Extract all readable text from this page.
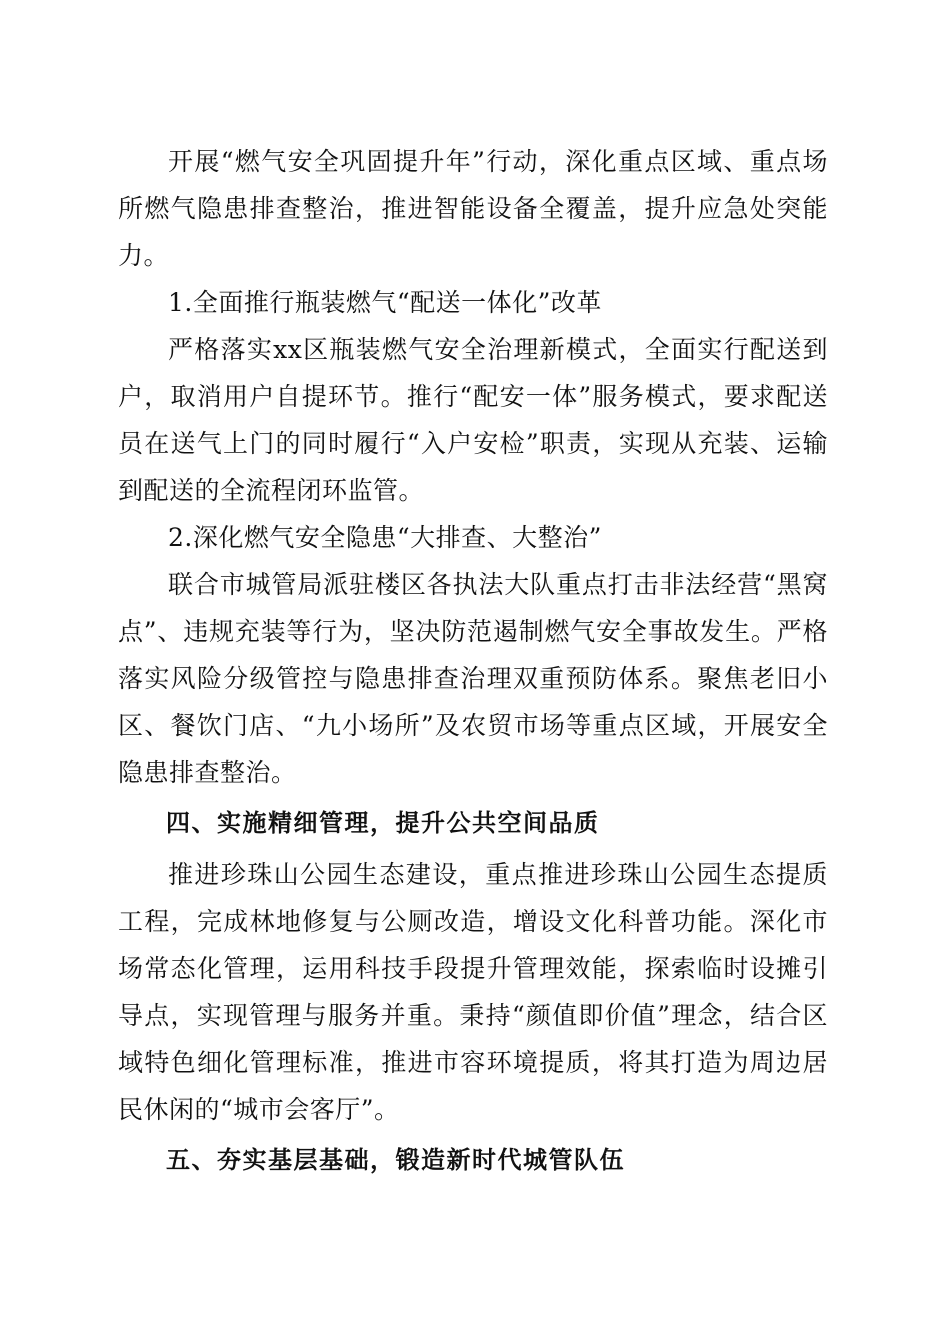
开展“燃气安全巩固提升年”行动，深化重点区域、重点场所燃气隐患排查整治，推进智能设备全覆盖，提升应急处突能力。

1.全面推行瓶装燃气“配送一体化”改革

严格落实xx区瓶装燃气安全治理新模式，全面实行配送到户，取消用户自提环节。推行“配安一体”服务模式，要求配送员在送气上门的同时履行“入户安检”职责，实现从充装、运输到配送的全流程闭环监管。

2.深化燃气安全隐患“大排查、大整治”

联合市城管局派驻楼区各执法大队重点打击非法经营“黑窝点”、违规充装等行为，坚决防范遏制燃气安全事故发生。严格落实风险分级管控与隐患排查治理双重预防体系。聚焦老旧小区、餐饮门店、“九小场所”及农贸市场等重点区域，开展安全隐患排查整治。

四、实施精细管理，提升公共空间品质

推进珍珠山公园生态建设，重点推进珍珠山公园生态提质工程，完成林地修复与公厕改造，增设文化科普功能。深化市场常态化管理，运用科技手段提升管理效能，探索临时设摊引导点，实现管理与服务并重。秉持“颜值即价值”理念，结合区域特色细化管理标准，推进市容环境提质，将其打造为周边居民休闲的“城市会客厅”。

五、夯实基层基础，锻造新时代城管队伍
